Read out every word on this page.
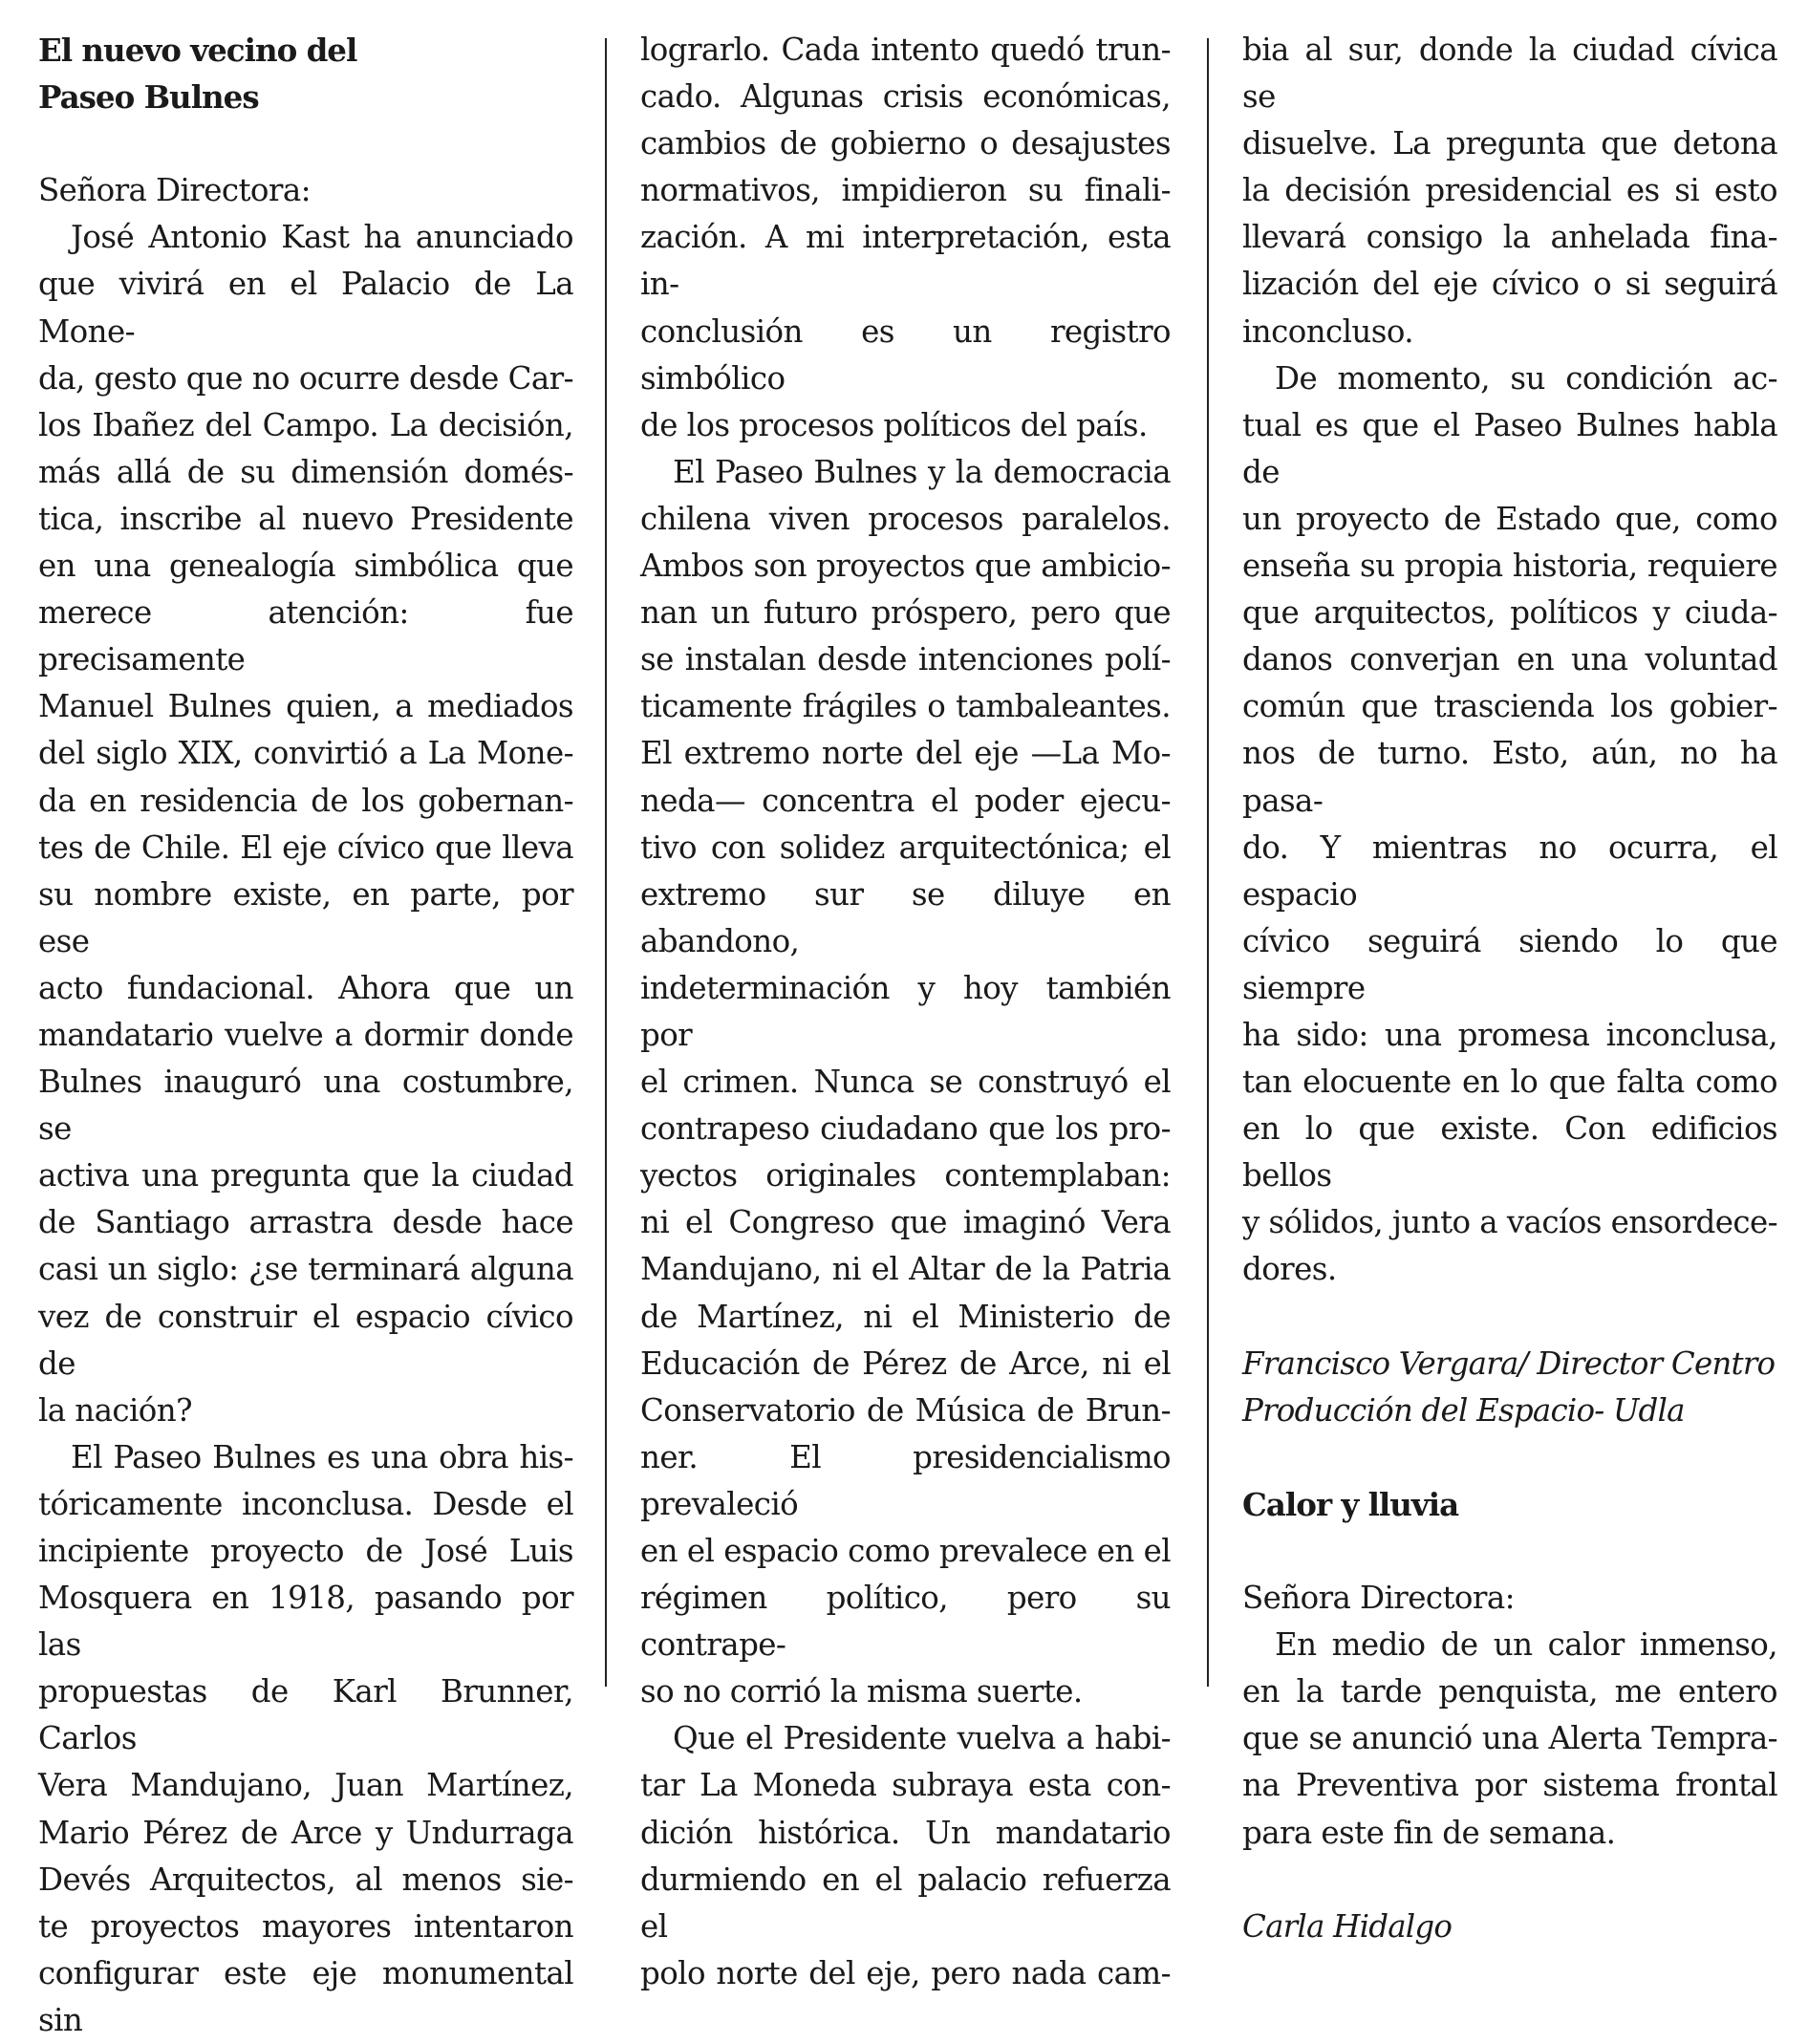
El nuevo vecino del

Paseo Bulnes

Señora Directora:

José Antonio Kast ha anunciado

que vivirá en el Palacio de La Mone-

da, gesto que no ocurre desde Car-

los Ibañez del Campo. La decisión,

más allá de su dimensión domés-

tica, inscribe al nuevo Presidente

en una genealogía simbólica que

merece atención: fue precisamente

Manuel Bulnes quien, a mediados

del siglo XIX, convirtió a La Mone-

da en residencia de los gobernan-

tes de Chile. El eje cívico que lleva

su nombre existe, en parte, por ese

acto fundacional. Ahora que un

mandatario vuelve a dormir donde

Bulnes inauguró una costumbre, se

activa una pregunta que la ciudad

de Santiago arrastra desde hace

casi un siglo: ¿se terminará alguna

vez de construir el espacio cívico de

la nación?

El Paseo Bulnes es una obra his-

tóricamente inconclusa. Desde el

incipiente proyecto de José Luis

Mosquera en 1918, pasando por las

propuestas de Karl Brunner, Carlos

Vera Mandujano, Juan Martínez,

Mario Pérez de Arce y Undurraga

Devés Arquitectos, al menos sie-

te proyectos mayores intentaron

configurar este eje monumental sin

lograrlo. Cada intento quedó trun-

cado. Algunas crisis económicas,

cambios de gobierno o desajustes

normativos, impidieron su finali-

zación. A mi interpretación, esta in-

conclusión es un registro simbólico

de los procesos políticos del país.

El Paseo Bulnes y la democracia

chilena viven procesos paralelos.

Ambos son proyectos que ambicio-

nan un futuro próspero, pero que

se instalan desde intenciones polí-

ticamente frágiles o tambaleantes.

El extremo norte del eje —La Mo-

neda— concentra el poder ejecu-

tivo con solidez arquitectónica; el

extremo sur se diluye en abandono,

indeterminación y hoy también por

el crimen. Nunca se construyó el

contrapeso ciudadano que los pro-

yectos originales contemplaban:

ni el Congreso que imaginó Vera

Mandujano, ni el Altar de la Patria

de Martínez, ni el Ministerio de

Educación de Pérez de Arce, ni el

Conservatorio de Música de Brun-

ner. El presidencialismo prevaleció

en el espacio como prevalece en el

régimen político, pero su contrape-

so no corrió la misma suerte.

Que el Presidente vuelva a habi-

tar La Moneda subraya esta con-

dición histórica. Un mandatario

durmiendo en el palacio refuerza el

polo norte del eje, pero nada cam-

bia al sur, donde la ciudad cívica se

disuelve. La pregunta que detona

la decisión presidencial es si esto

llevará consigo la anhelada fina-

lización del eje cívico o si seguirá

inconcluso.

De momento, su condición ac-

tual es que el Paseo Bulnes habla de

un proyecto de Estado que, como

enseña su propia historia, requiere

que arquitectos, políticos y ciuda-

danos converjan en una voluntad

común que trascienda los gobier-

nos de turno. Esto, aún, no ha pasa-

do. Y mientras no ocurra, el espacio

cívico seguirá siendo lo que siempre

ha sido: una promesa inconclusa,

tan elocuente en lo que falta como

en lo que existe. Con edificios bellos

y sólidos, junto a vacíos ensordece-

dores.

Francisco Vergara/ Director Centro

Producción del Espacio- Udla

Calor y lluvia

Señora Directora:

En medio de un calor inmenso,

en la tarde penquista, me entero

que se anunció una Alerta Tempra-

na Preventiva por sistema frontal

para este fin de semana.

Carla Hidalgo
